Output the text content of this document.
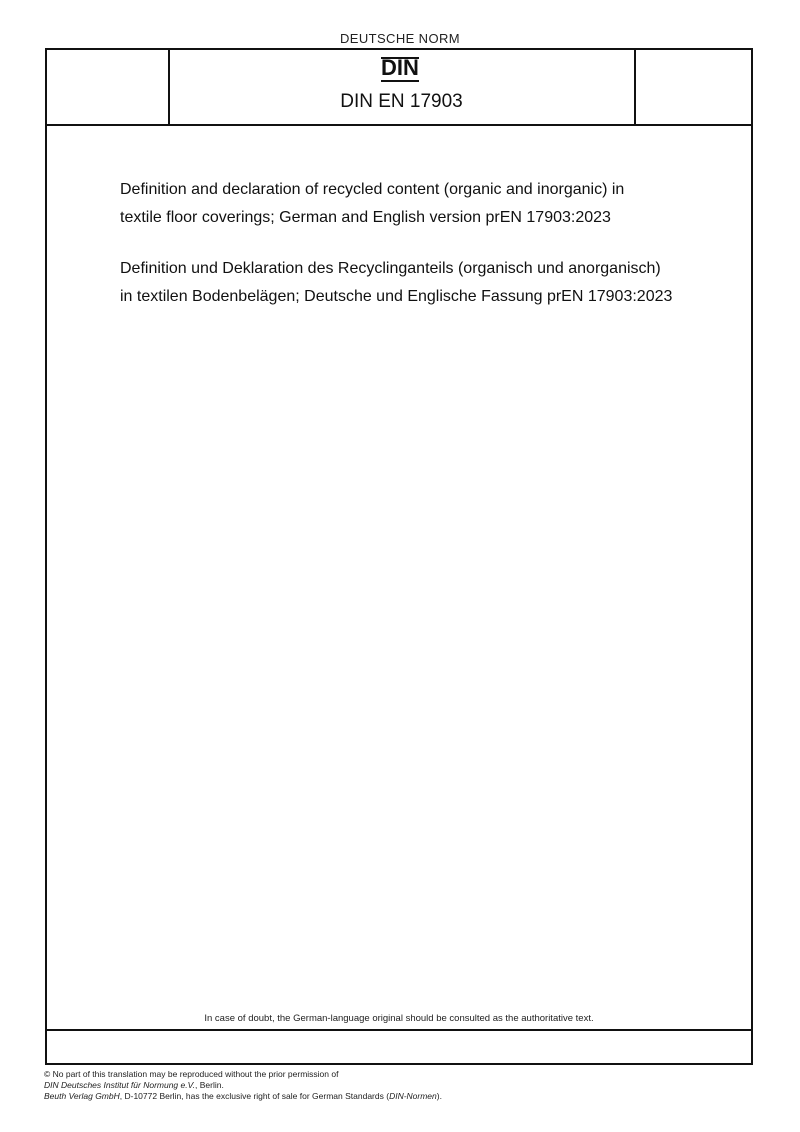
DEUTSCHE NORM
DIN
DIN EN 17903

Definition and declaration of recycled content (organic and inorganic) in

textile floor coverings; German and English version prEN 17903:2023

Definition und Deklaration des Recyclinganteils (organisch und anorganisch)

in textilen Bodenbelägen; Deutsche und Englische Fassung prEN 17903:2023

In case of doubt, the German-language original should be consulted as the authoritative text.

© No part of this translation may be reproduced without the prior permission of

DIN Deutsches Institut für Normung e.V., Berlin.

Beuth Verlag GmbH, D-10772 Berlin, has the exclusive right of sale for German Standards (DIN-Normen).
